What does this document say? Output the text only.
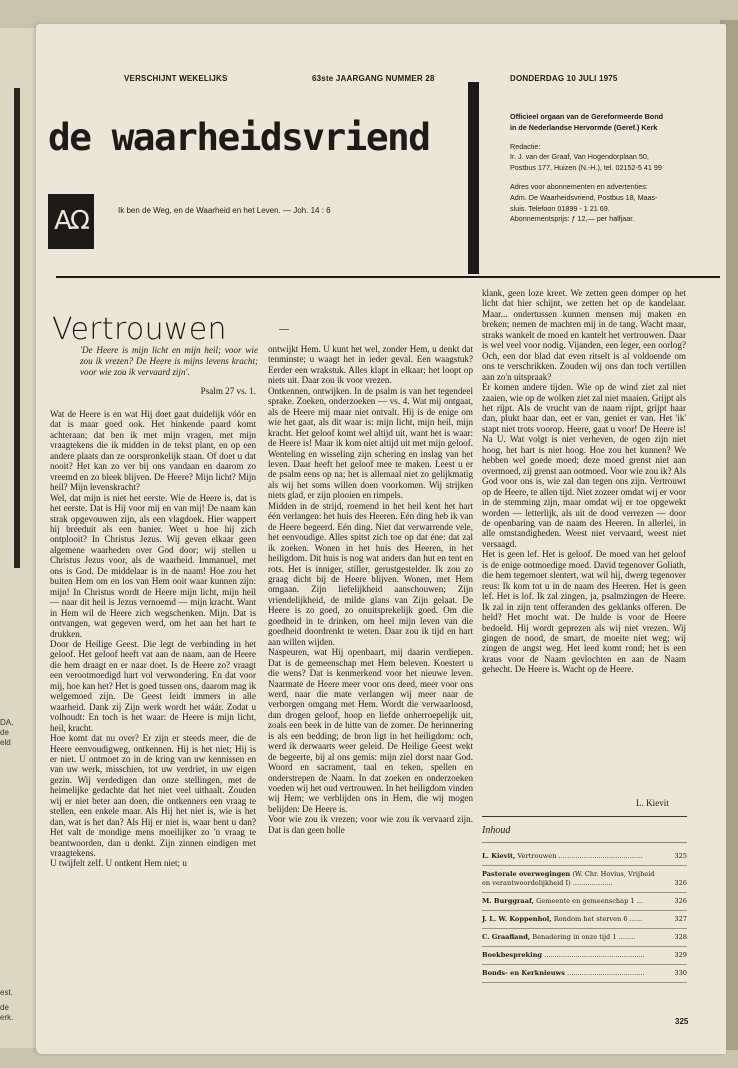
DA,
de
eld
est.
de
erk.
VERSCHIJNT WEKELIJKS	63ste JAARGANG NUMMER 28	DONDERDAG 10 JULI 1975
de waarheidsvriend
AΩ	Ik ben de Weg, en de Waarheid en het Leven. — Joh. 14 : 6

Officieel orgaan van de Gereformeerde Bond
in de Nederlandse Hervormde (Geref.) Kerk

Redactie:
Ir. J. van der Graaf, Van Hogendorplaan 50,
Postbus 177, Huizen (N.-H.), tel. 02152-5 41 99

Adres voor abonnementen en advertenties:
Adm. De Waarheidsvriend, Postbus 18, Maas-
sluis. Telefoon 01899 - 1 21 69.
Abonnementsprijs: ƒ 12,— per halfjaar.

Vertrouwen
'De Heere is mijn licht en mijn heil; voor wie zou ik vrezen? De Heere is mijns levens kracht; voor wie zou ik vervaard zijn'.
Psalm 27 vs. 1.

Wat de Heere is en wat Hij doet gaat duidelijk vóór en dat is maar goed ook. Het hinkende paard komt achteraan; dat ben ik met mijn vragen, met mijn vraagtekens die ik midden in de tekst plant, en op een andere plaats dan ze oorspronkelijk staan. Of doet u dat nooit? Het kan zo ver bij ons vandaan en daarom zo vreemd en zo bleek blijven. De Heere? Mijn licht? Mijn heil? Mijn levenskracht?

Wel, dat mijn is niet het eerste. Wie de Heere is, dat is het eerste. Dat is Hij voor mij en van mij! De naam kan strak opgevouwen zijn, als een vlagdoek. Hier wappert hij breeduit als een banier. Weet u hoe hij zich ontplooit? In Christus Jezus. Wij geven elkaar geen algemene waarheden over God door; wij stellen u Christus Jezus voor, als de waarheid. Immanuel, met ons is God. De middelaar is in de naam! Hoe zou het buiten Hem om en los van Hem ooit waar kunnen zijn: mijn! In Christus wordt de Heere mijn licht, mijn heil — naar dit heil is Jezus vernoemd — mijn kracht. Want in Hem wil de Heere zich wegschenken. Mijn. Dat is ontvangen, wat gegeven werd, om het aan het hart te drukken.

Door de Heilige Geest. Die legt de verbinding in het geloof. Het geloof heeft vat aan de naam, aan de Heere die hem draagt en er naar doet. Is de Heere zo? vraagt een verootmoedigd hart vol verwondering. En dat voor mij, hoe kan het? Het is goed tussen ons, daarom mag ik welgemoed zijn. De Geest leidt immers in alle waarheid. Dank zij Zijn werk wordt het wáár. Zodat u volhoudt: En toch is het waar: de Heere is mijn licht, heil, kracht.

Hoe komt dat nu over? Er zijn er steeds meer, die de Heere eenvoudigweg, ontkennen. Hij is het niet; Hij is er niet. U ontmoet zo in de kring van uw kennissen en van uw werk, misschien, tot uw verdriet, in uw eigen gezin. Wij verdedigen dan onze stellingen, met de heimelijke gedachte dat het niet veel uithaalt. Zouden wij er niet beter aan doen, die ontkenners een vraag te stellen, een enkele maar. Als Hij het niet is, wie is het dan, wat is het dan? Als Hij er niet is, waar bent u dan? Het valt de mondige mens moeilijker zo 'n vraag te beantwoorden, dan u denkt. Zijn zinnen eindigen met vraagtekens.

U twijfelt zelf. U ontkent Hem niet; u

ontwijkt Hem. U kunt het wel, zonder Hem, u denkt dat tenminste; u waagt het in ieder geval. Een waagstuk? Eerder een wrakstuk. Alles klapt in elkaar; het loopt op niets uit. Daar zou ik voor vrezen.

Ontkennen, ontwijken. In de psalm is van het tegendeel sprake. Zoeken, onderzoeken — vs. 4. Wat mij ontgaat, als de Heere mij maar niet ontvalt. Hij is de enige om wie het gaat, als dit waar is: mijn licht, mijn heil, mijn kracht. Het geloof komt wel altijd uit, want het is waar: de Heere is! Maar ik kom niet altijd uit met mijn geloof. Wenteling en wisseling zijn schering en inslag van het leven. Daar heeft het geloof mee te maken. Leest u er de psalm eens op na; het is allemaal niet zo gelijkmatig als wij het soms willen doen voorkomen. Wij strijken niets glad, er zijn plooien en rimpels.

Midden in de strijd, roemend in het heil kent het hart één verlangen: het huis des Heeren. Eén ding heb ik van de Heere begeerd. Eén ding. Niet dat verwarrende vele, het eenvoudige. Alles spitst zich toe op dat éne: dat zal ik zoeken. Wonen in het huis des Heeren, in het heiligdom. Dit huis is nog wat anders dan hut en tent en rots. Het is inniger, stiller, gerustgestelder. Ik zou zo graag dicht bij de Heere blijven. Wonen, met Hem omgaan. Zijn liefelijkheid aanschouwen; Zijn vriendelijkheid, de milde glans van Zijn gelaat. De Heere is zo goed, zo onuitsprekelijk goed. Om die goedheid in te drinken, om heel mijn leven van die goedheid doordrenkt te weten. Daar zou ik tijd en hart aan willen wijden.

Naspeuren, wat Hij openbaart, mij daarin verdiepen. Dat is de gemeenschap met Hem beleven. Koestert u die wens? Dat is kenmerkend voor het nieuwe leven. Naarmate de Heere meer voor ons deed, meer voor ons werd, naar die mate verlangen wij meer naar de verborgen omgang met Hem. Wordt die verwaarloosd, dan drogen geloof, hoop en liefde onherroepelijk uit, zoals een beek in de hitte van de zomer. De herinnering is als een bedding; de bron ligt in het heiligdom: och, werd ik derwaarts weer geleid. De Heilige Geest wekt de begeerte, bij al ons gemis: mijn ziel dorst naar God. Woord en sacrament, taal en teken, spellen en onderstrepen de Naam. In dat zoeken en onderzoeken voeden wij het oud vertrouwen. In het heiligdom vinden wij Hem; we verblijden ons in Hem, die wij mogen belijden: De Heere is.

Voor wie zou ik vrezen; voor wie zou ik vervaard zijn. Dat is dan geen holle

klank, geen loze kreet. We zetten geen domper op het licht dat hier schijnt, we zetten het op de kandelaar. Maar... ondertussen kunnen mensen mij maken en breken; nemen de machten mij in de tang. Wacht maar, straks wankelt de moed en kantelt het vertrouwen. Daar is wel veel voor nodig. Vijanden, een leger, een oorlog? Och, een dor blad dat even ritselt is al voldoende om ons te verschrikken. Zouden wij ons dan toch vertillen aan zo'n uitspraak?

Er komen andere tijden. Wie op de wind ziet zal niet zaaien, wie op de wolken ziet zal niet maaien. Grijpt als het rijpt. Als de vrucht van de naam rijpt, grijpt haar dan, plukt haar dan, eet er van, geniet er van. Het 'ik' stapt niet trots voorop. Heere, gaat u voor! De Heere is! Na U. Wat volgt is niet verheven, de ogen zijn niet hoog, het hart is niet hoog. Hoe zou het kunnen? We hebben wel goede moed; deze moed grenst niet aan overmoed, zij grenst aan ootmoed. Voor wie zou ik? Als God voor ons is, wie zal dan tegen ons zijn. Vertrouwt op de Heere, te allen tijd. Niet zozeer omdat wij er voor in de stemming zijn, maar omdat wij er toe opgewekt worden — letterlijk, als uit de dood verrezen — door de openbaring van de naam des Heeren. In allerlei, in alle omstandigheden. Weest niet vervaard, weest niet versaagd.

Het is geen lef. Het is geloof. De moed van het geloof is de enige ootmoedige moed. David tegenover Goliath, die hem tegemoet slentert, wat wil hij, dwerg tegenover reus: Ik kom tot u in de naam des Heeren. Het is geen lef. Het is lof. Ik zal zingen, ja, psalmzingen de Heere. Ik zal in zijn tent offeranden des geklanks offeren. De held? Het mocht wat. De hulde is voor de Heere bedoeld. Hij wordt geprezen als wij niet vrezen. Wij gingen de nood, de smart, de moeite niet weg; wij zingen de angst weg. Het leed komt rond; het is een kraus voor de Naam gevlochten en aan de Naam gehecht. De Heere is. Wacht op de Heere.

L. Kievit
Inhoud
L. Kievit, Vertrouwen ........................................	325
Pastorale overwegingen (W. Chr. Hovius, Vrijheid en verantwoordelijkheid I) ...................	326
M. Burggraaf, Gemeente en gemeenschap 1 ...	326
J. L. W. Koppenhol, Rondom het sterven 6 ......	327
C. Graafland, Benadering in onze tijd 1 ........	328
Boekbespreking ................................................	329
Bonds- en Kerknieuws .....................................	330
325
